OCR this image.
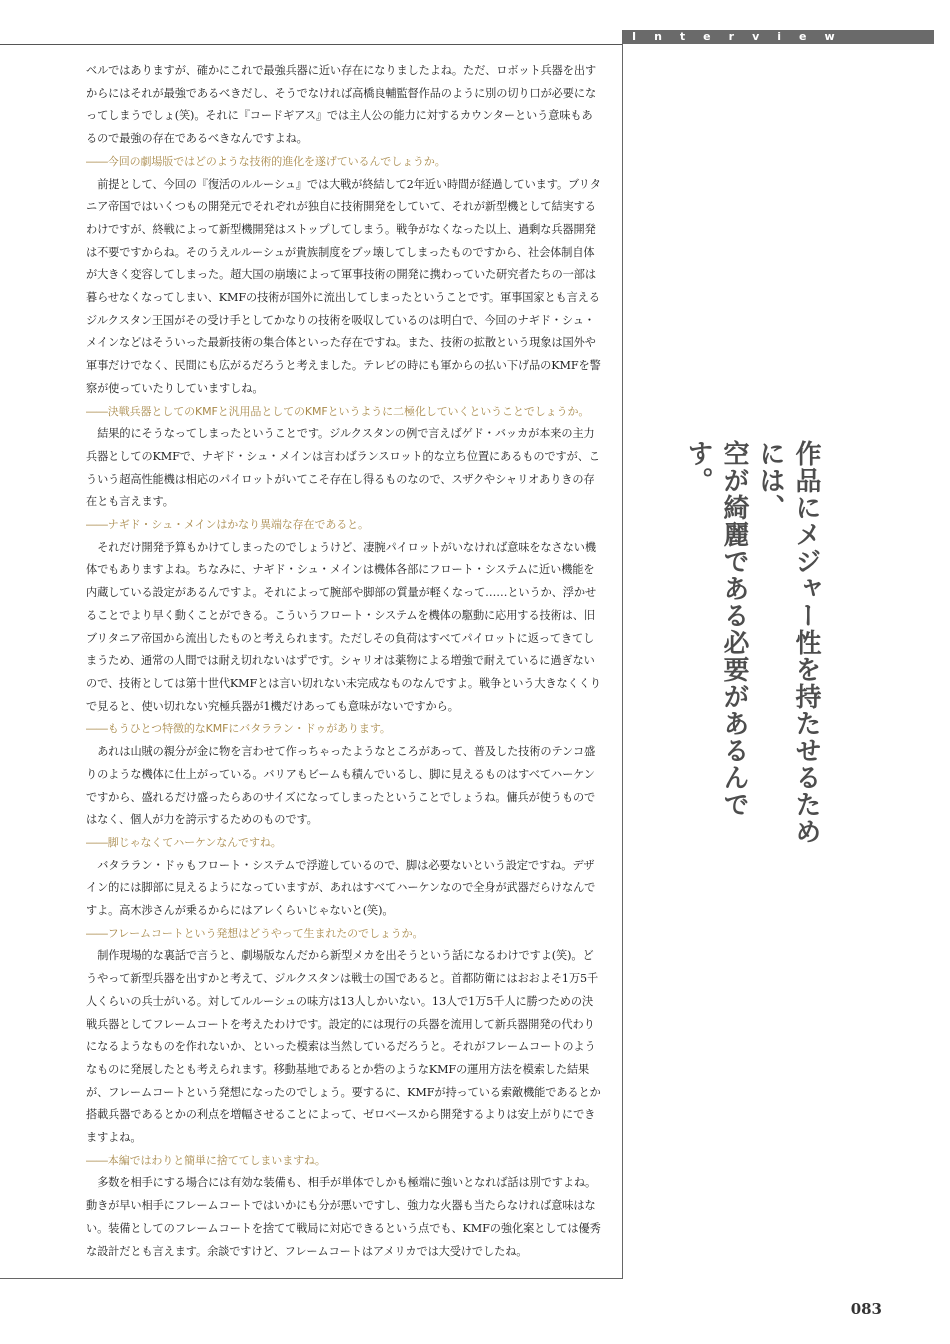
Interview

ベルではありますが、確かにこれで最強兵器に近い存在になりましたよね。ただ、ロボット兵器を出すからにはそれが最強であるべきだし、そうでなければ高橋良輔監督作品のように別の切り口が必要になってしまうでしょ(笑)。それに『コードギアス』では主人公の能力に対するカウンターという意味もあるので最強の存在であるべきなんですよね。

――今回の劇場版ではどのような技術的進化を遂げているんでしょうか。

前提として、今回の『復活のルルーシュ』では大戦が終結して2年近い時間が経過しています。ブリタニア帝国ではいくつもの開発元でそれぞれが独自に技術開発をしていて、それが新型機として結実するわけですが、終戦によって新型機開発はストップしてしまう。戦争がなくなった以上、過剰な兵器開発は不要ですからね。そのうえルルーシュが貴族制度をブッ壊してしまったものですから、社会体制自体が大きく変容してしまった。超大国の崩壊によって軍事技術の開発に携わっていた研究者たちの一部は暮らせなくなってしまい、KMFの技術が国外に流出してしまったということです。軍事国家とも言えるジルクスタン王国がその受け手としてかなりの技術を吸収しているのは明白で、今回のナギド・シュ・メインなどはそういった最新技術の集合体といった存在ですね。また、技術の拡散という現象は国外や軍事だけでなく、民間にも広がるだろうと考えました。テレビの時にも軍からの払い下げ品のKMFを警察が使っていたりしていますしね。

――決戦兵器としてのKMFと汎用品としてのKMFというように二極化していくということでしょうか。

結果的にそうなってしまったということです。ジルクスタンの例で言えばゲド・バッカが本来の主力兵器としてのKMFで、ナギド・シュ・メインは言わばランスロット的な立ち位置にあるものですが、こういう超高性能機は相応のパイロットがいてこそ存在し得るものなので、スザクやシャリオありきの存在とも言えます。

――ナギド・シュ・メインはかなり異端な存在であると。

それだけ開発予算もかけてしまったのでしょうけど、凄腕パイロットがいなければ意味をなさない機体でもありますよね。ちなみに、ナギド・シュ・メインは機体各部にフロート・システムに近い機能を内蔵している設定があるんですよ。それによって腕部や脚部の質量が軽くなって……というか、浮かせることでより早く動くことができる。こういうフロート・システムを機体の駆動に応用する技術は、旧ブリタニア帝国から流出したものと考えられます。ただしその負荷はすべてパイロットに返ってきてしまうため、通常の人間では耐え切れないはずです。シャリオは薬物による増強で耐えているに過ぎないので、技術としては第十世代KMFとは言い切れない未完成なものなんですよ。戦争という大きなくくりで見ると、使い切れない究極兵器が1機だけあっても意味がないですから。

――もうひとつ特徴的なKMFにバタララン・ドゥがあります。

あれは山賊の親分が金に物を言わせて作っちゃったようなところがあって、普及した技術のテンコ盛りのような機体に仕上がっている。バリアもビームも積んでいるし、脚に見えるものはすべてハーケンですから、盛れるだけ盛ったらあのサイズになってしまったということでしょうね。傭兵が使うものではなく、個人が力を誇示するためのものです。

――脚じゃなくてハーケンなんですね。

バタララン・ドゥもフロート・システムで浮遊しているので、脚は必要ないという設定ですね。デザイン的には脚部に見えるようになっていますが、あれはすべてハーケンなので全身が武器だらけなんですよ。高木渉さんが乗るからにはアレくらいじゃないと(笑)。

――フレームコートという発想はどうやって生まれたのでしょうか。

制作現場的な裏話で言うと、劇場版なんだから新型メカを出そうという話になるわけですよ(笑)。どうやって新型兵器を出すかと考えて、ジルクスタンは戦士の国であると。首都防衛にはおおよそ1万5千人くらいの兵士がいる。対してルルーシュの味方は13人しかいない。13人で1万5千人に勝つための決戦兵器としてフレームコートを考えたわけです。設定的には現行の兵器を流用して新兵器開発の代わりになるようなものを作れないか、といった模索は当然しているだろうと。それがフレームコートのようなものに発展したとも考えられます。移動基地であるとか砦のようなKMFの運用方法を模索した結果が、フレームコートという発想になったのでしょう。要するに、KMFが持っている索敵機能であるとか搭載兵器であるとかの利点を増幅させることによって、ゼロベースから開発するよりは安上がりにできますよね。

――本編ではわりと簡単に捨ててしまいますね。

多数を相手にする場合には有効な装備も、相手が単体でしかも極端に強いとなれば話は別ですよね。動きが早い相手にフレームコートではいかにも分が悪いですし、強力な火器も当たらなければ意味はない。装備としてのフレームコートを捨てて戦局に対応できるという点でも、KMFの強化案としては優秀な設計だとも言えます。余談ですけど、フレームコートはアメリカでは大受けでしたね。

作品にメジャー性を持たせるためには、
空が綺麗である必要があるんです。
083
